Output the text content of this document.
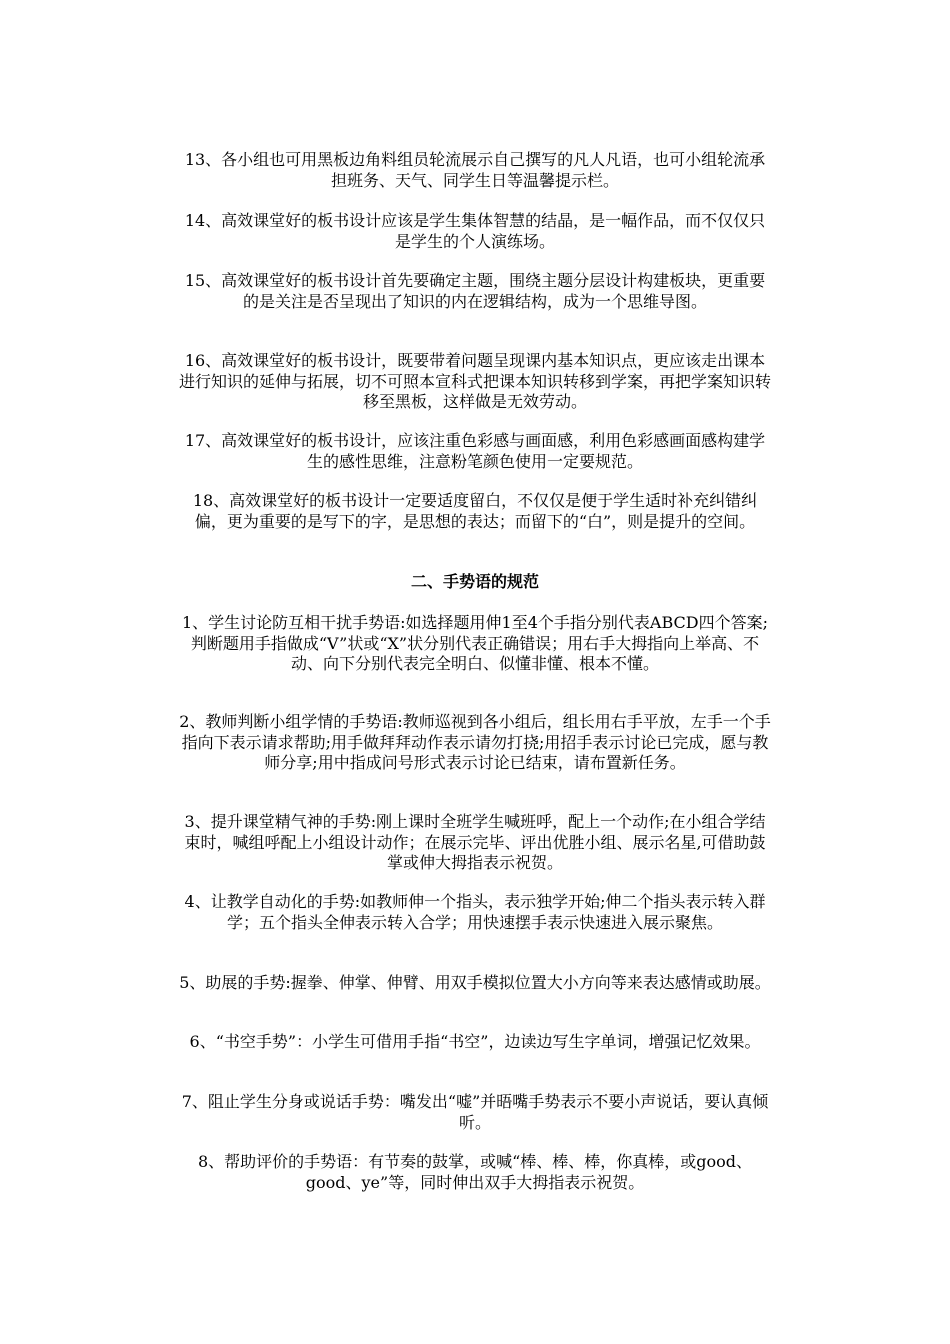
13、各小组也可用黑板边角料组员轮流展示自己撰写的凡人凡语，也可小组轮流承担班务、天气、同学生日等温馨提示栏。

14、高效课堂好的板书设计应该是学生集体智慧的结晶，是一幅作品，而不仅仅只是学生的个人演练场。

15、高效课堂好的板书设计首先要确定主题，围绕主题分层设计构建板块，更重要的是关注是否呈现出了知识的内在逻辑结构，成为一个思维导图。

16、高效课堂好的板书设计，既要带着问题呈现课内基本知识点，更应该走出课本进行知识的延伸与拓展，切不可照本宣科式把课本知识转移到学案，再把学案知识转移至黑板，这样做是无效劳动。

17、高效课堂好的板书设计，应该注重色彩感与画面感，利用色彩感画面感构建学生的感性思维，注意粉笔颜色使用一定要规范。

18、高效课堂好的板书设计一定要适度留白，不仅仅是便于学生适时补充纠错纠偏，更为重要的是写下的字，是思想的表达；而留下的“白”，则是提升的空间。

二、手势语的规范

1、学生讨论防互相干扰手势语:如选择题用伸1至4个手指分别代表ABCD四个答案;判断题用手指做成“V”状或“X”状分别代表正确错误；用右手大拇指向上举高、不动、向下分别代表完全明白、似懂非懂、根本不懂。

2、教师判断小组学情的手势语:教师巡视到各小组后，组长用右手平放，左手一个手指向下表示请求帮助;用手做拜拜动作表示请勿打挠;用招手表示讨论已完成，愿与教师分享;用中指成问号形式表示讨论已结束，请布置新任务。

3、提升课堂精气神的手势:刚上课时全班学生喊班呼，配上一个动作;在小组合学结束时，喊组呼配上小组设计动作；在展示完毕、评出优胜小组、展示名星,可借助鼓掌或伸大拇指表示祝贺。

4、让教学自动化的手势:如教师伸一个指头，表示独学开始;伸二个指头表示转入群学；五个指头全伸表示转入合学；用快速摆手表示快速进入展示聚焦。

5、助展的手势:握拳、伸掌、伸臂、用双手模拟位置大小方向等来表达感情或助展。

6、“书空手势”：小学生可借用手指“书空”，边读边写生字单词，增强记忆效果。

7、阻止学生分身或说话手势：嘴发出“嘘”并晤嘴手势表示不要小声说话，要认真倾听。

8、帮助评价的手势语：有节奏的鼓掌，或喊“棒、棒、棒，你真棒，或good、good、ye”等，同时伸出双手大拇指表示祝贺。
